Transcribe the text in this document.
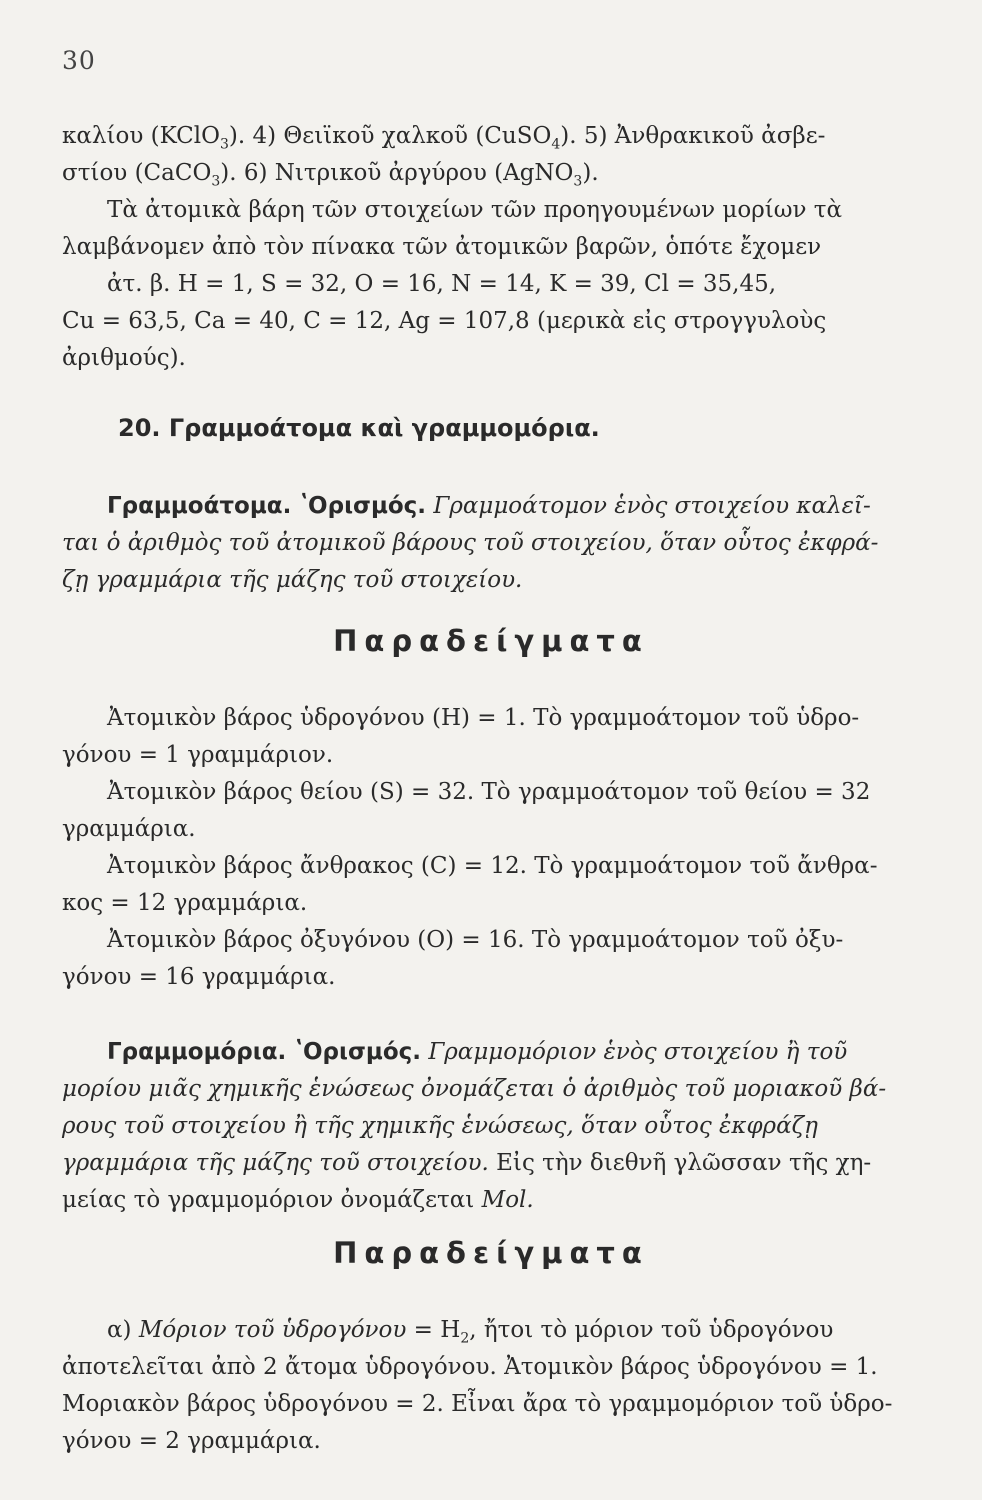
30
καλίου (KClO$_3$). 4) Θειϊκοῦ χαλκοῦ (CuSO$_4$). 5) Ἀνθρακικοῦ ἀσβε-
στίου (CaCO$_3$). 6) Νιτρικοῦ ἀργύρου (AgNO$_3$).
Τὰ ἀτομικὰ βάρη τῶν στοιχείων τῶν προηγουμένων μορίων τὰ
λαμβάνομεν ἀπὸ τὸν πίνακα τῶν ἀτομικῶν βαρῶν, ὁπότε ἔχομεν
ἀτ. β. H = 1, S = 32, O = 16, N = 14, K = 39, Cl = 35,45,
Cu = 63,5, Ca = 40, C = 12, Ag = 107,8 (μερικὰ εἰς στρογγυλοὺς
ἀριθμούς).
20. Γραμμοάτομα καὶ γραμμομόρια.
Γραμμοάτομα. ʽΟρισμός. Γραμμοάτομον ἑνὸς στοιχείου καλεῖ-
ται ὁ ἀριθμὸς τοῦ ἀτομικοῦ βάρους τοῦ στοιχείου, ὅταν οὗτος ἐκφρά-
ζῃ γραμμάρια τῆς μάζης τοῦ στοιχείου.
Παραδείγματα
Ἀτομικὸν βάρος ὑδρογόνου (H) = 1. Τὸ γραμμοάτομον τοῦ ὑδρο-
γόνου = 1 γραμμάριον.
Ἀτομικὸν βάρος θείου (S) = 32. Τὸ γραμμοάτομον τοῦ θείου = 32
γραμμάρια.
Ἀτομικὸν βάρος ἄνθρακος (C) = 12. Τὸ γραμμοάτομον τοῦ ἄνθρα-
κος = 12 γραμμάρια.
Ἀτομικὸν βάρος ὀξυγόνου (O) = 16. Τὸ γραμμοάτομον τοῦ ὀξυ-
γόνου = 16 γραμμάρια.
Γραμμομόρια. ʽΟρισμός. Γραμμομόριον ἑνὸς στοιχείου ἢ τοῦ
μορίου μιᾶς χημικῆς ἑνώσεως ὀνομάζεται ὁ ἀριθμὸς τοῦ μοριακοῦ βά-
ρους τοῦ στοιχείου ἢ τῆς χημικῆς ἑνώσεως, ὅταν οὗτος ἐκφράζῃ
γραμμάρια τῆς μάζης τοῦ στοιχείου. Εἰς τὴν διεθνῆ γλῶσσαν τῆς χη-
μείας τὸ γραμμομόριον ὀνομάζεται Mol.
Παραδείγματα
α) Μόριον τοῦ ὑδρογόνου = $H_2$, ἤτοι τὸ μόριον τοῦ ὑδρογόνου
ἀποτελεῖται ἀπὸ 2 ἄτομα ὑδρογόνου. Ἀτομικὸν βάρος ὑδρογόνου = 1.
Μοριακὸν βάρος ὑδρογόνου = 2. Εἶναι ἄρα τὸ γραμμομόριον τοῦ ὑδρο-
γόνου = 2 γραμμάρια.
